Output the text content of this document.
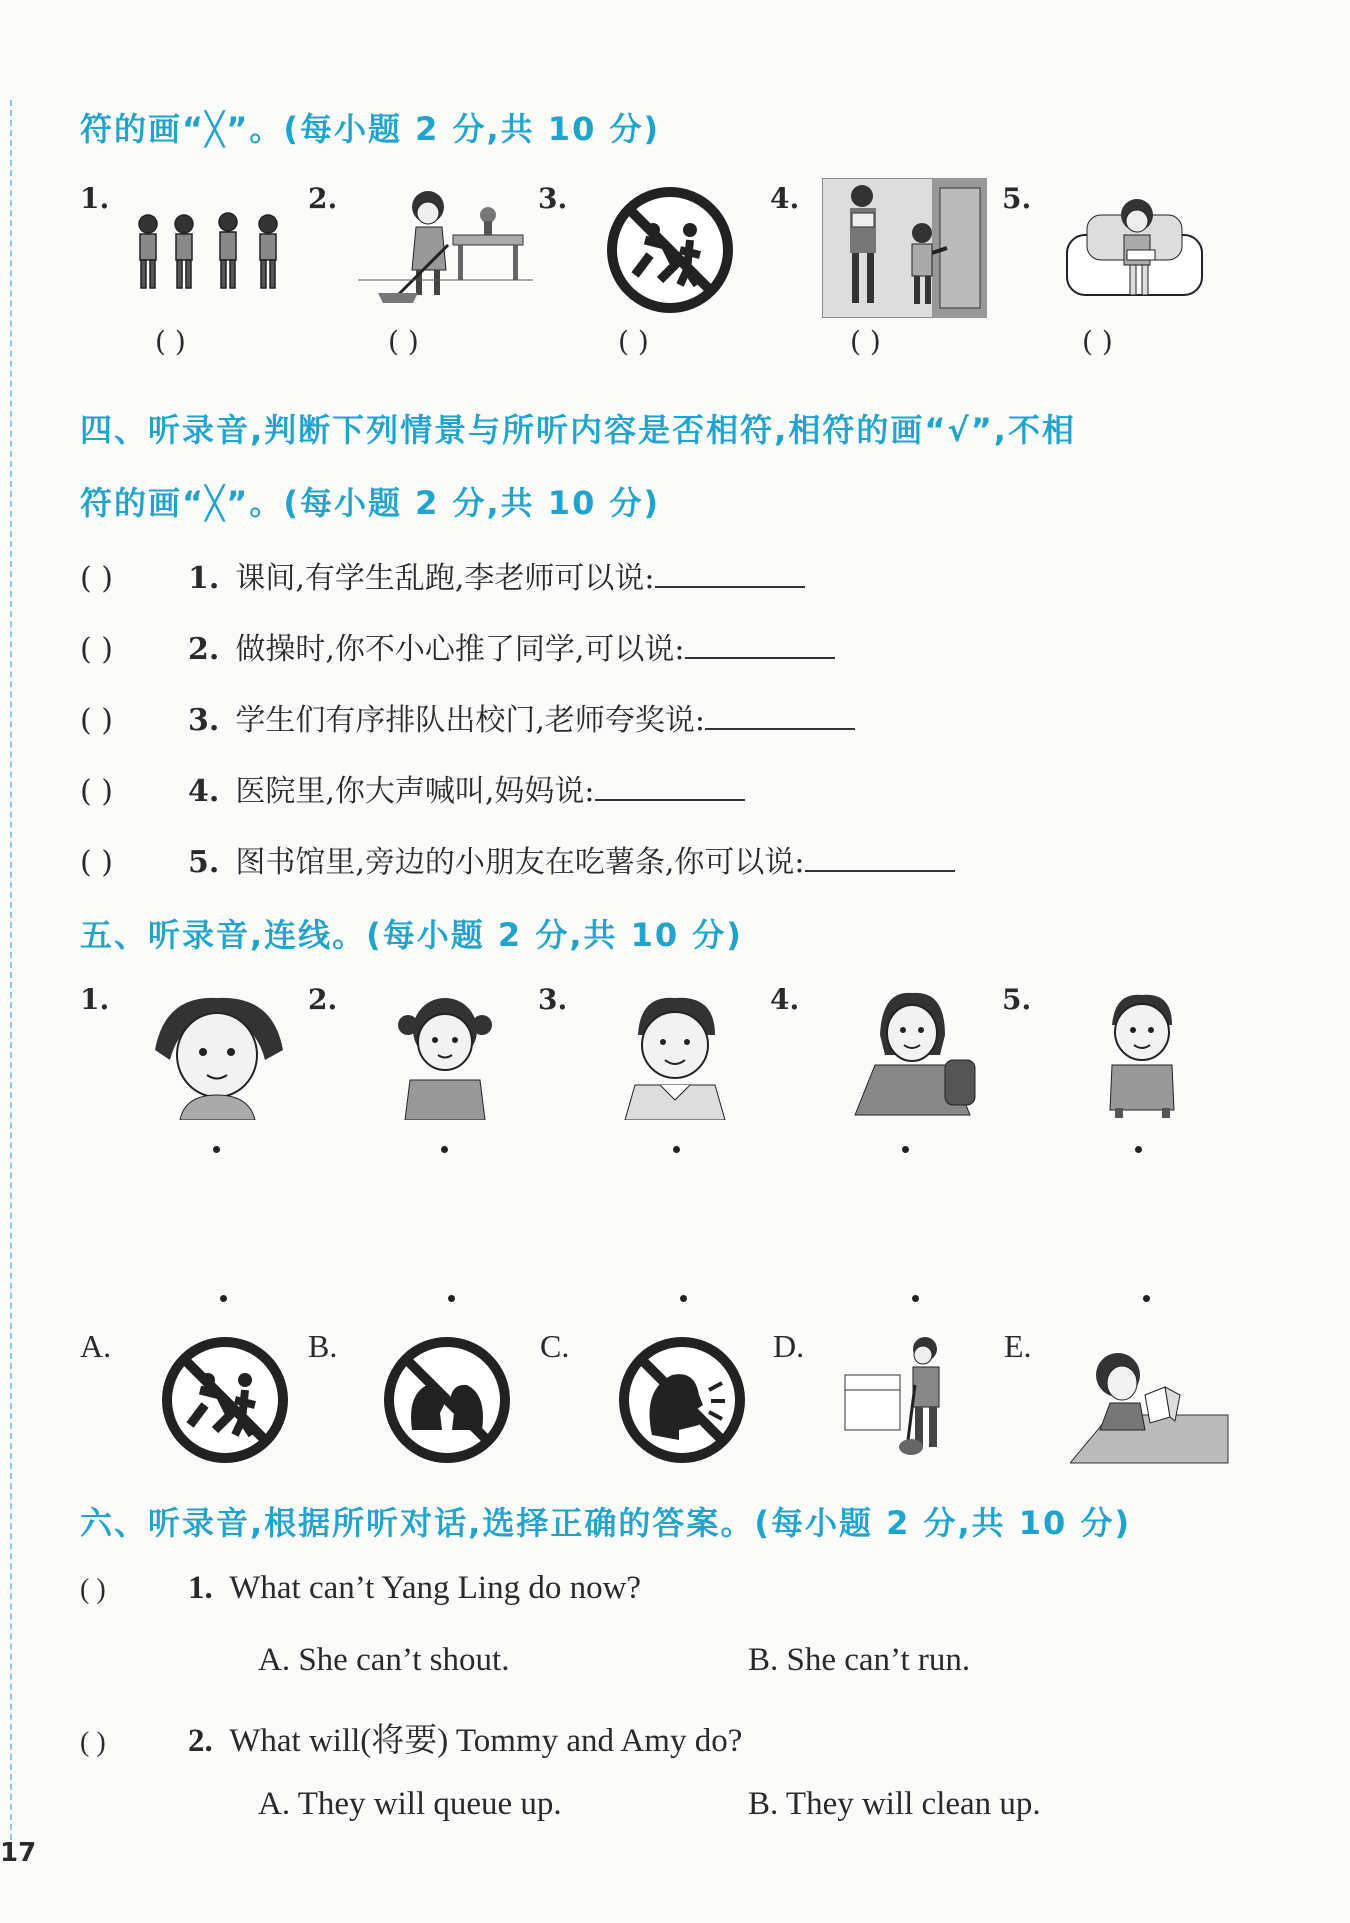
符的画“╳”。(每小题 2 分,共 10 分)
1.	2.	3.	4.	5.
( )	( )	( )	( )	( )
四、听录音,判断下列情景与所听内容是否相符,相符的画“√”,不相
符的画“╳”。(每小题 2 分,共 10 分)
( )	1. 课间,有学生乱跑,李老师可以说:
( )	2. 做操时,你不小心推了同学,可以说:
( )	3. 学生们有序排队出校门,老师夸奖说:
( )	4. 医院里,你大声喊叫,妈妈说:
( )	5. 图书馆里,旁边的小朋友在吃薯条,你可以说:
五、听录音,连线。(每小题 2 分,共 10 分)
1.	2.	3.	4.	5.
A.	B.	C.	D.	E.
六、听录音,根据所听对话,选择正确的答案。(每小题 2 分,共 10 分)
( ) 1. What can’t Yang Ling do now?
A. She can’t shout.	B. She can’t run.
( ) 2. What will(将要) Tommy and Amy do?
A. They will queue up.	B. They will clean up.
17
